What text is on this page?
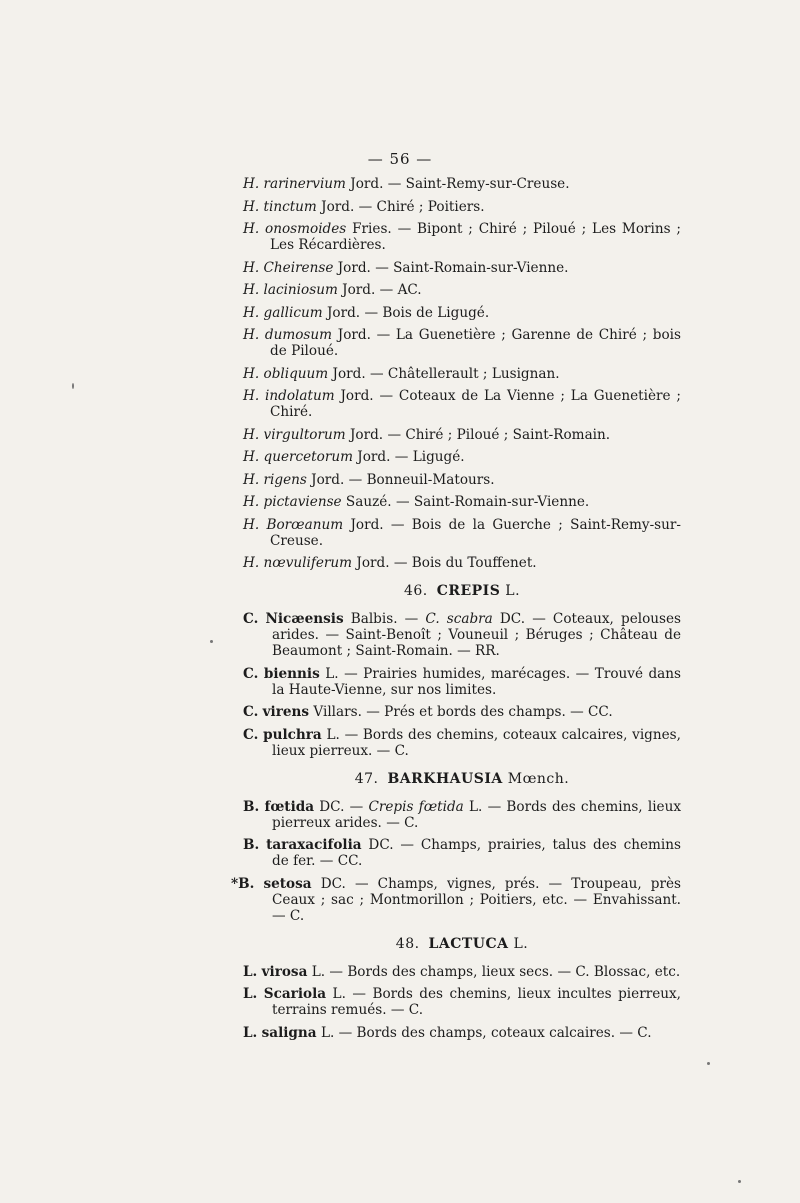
— 56 —
H. rarinervium Jord. — Saint-Remy-sur-Creuse.
H. tinctum Jord. — Chiré ; Poitiers.
H. onosmoides Fries. — Bipont ; Chiré ; Piloué ; Les Morins ; Les Récardières.
H. Cheirense Jord. — Saint-Romain-sur-Vienne.
H. laciniosum Jord. — AC.
H. gallicum Jord. — Bois de Ligugé.
H. dumosum Jord. — La Guenetière ; Garenne de Chiré ; bois de Piloué.
H. obliquum Jord. — Châtellerault ; Lusignan.
H. indolatum Jord. — Coteaux de La Vienne ; La Guenetière ; Chiré.
H. virgultorum Jord. — Chiré ; Piloué ; Saint-Romain.
H. quercetorum Jord. — Ligugé.
H. rigens Jord. — Bonneuil-Matours.
H. pictaviense Sauzé. — Saint-Romain-sur-Vienne.
H. Borœanum Jord. — Bois de la Guerche ; Saint-Remy-sur-Creuse.
H. nœvuliferum Jord. — Bois du Touffenet.
46. CREPIS L.
C. Nicæensis Balbis. — C. scabra DC. — Coteaux, pelouses arides. — Saint-Benoît ; Vouneuil ; Béruges ; Château de Beaumont ; Saint-Romain. — RR.
C. biennis L. — Prairies humides, marécages. — Trouvé dans la Haute-Vienne, sur nos limites.
C. virens Villars. — Prés et bords des champs. — CC.
C. pulchra L. — Bords des chemins, coteaux calcaires, vignes, lieux pierreux. — C.
47. BARKHAUSIA Mœnch.
B. fœtida DC. — Crepis fœtida L. — Bords des chemins, lieux pierreux arides. — C.
B. taraxacifolia DC. — Champs, prairies, talus des chemins de fer. — CC.
*B. setosa DC. — Champs, vignes, prés. — Troupeau, près Ceaux ; sac ; Montmorillon ; Poitiers, etc. — Envahissant. — C.
48. LACTUCA L.
L. virosa L. — Bords des champs, lieux secs. — C. Blossac, etc.
L. Scariola L. — Bords des chemins, lieux incultes pierreux, terrains remués. — C.
L. saligna L. — Bords des champs, coteaux calcaires. — C.
